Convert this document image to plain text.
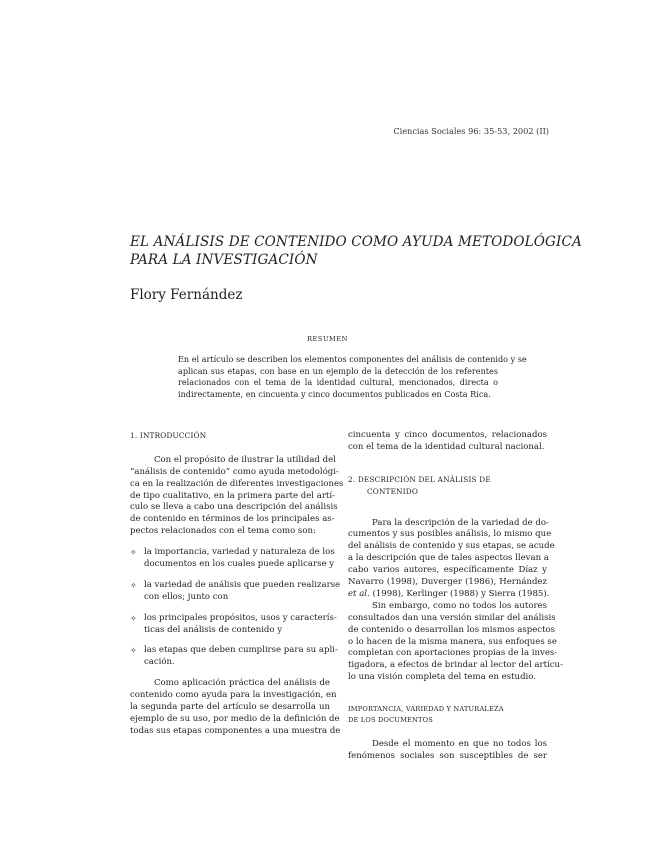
Ciencias Sociales 96: 35-53, 2002 (II)
EL ANÁLISIS DE CONTENIDO COMO AYUDA METODOLÓGICA
PARA LA INVESTIGACIÓN
Flory Fernández
RESUMEN
En el artículo se describen los elementos componentes del análisis de contenido y se
aplican sus etapas, con base en un ejemplo de la detección de los referentes
relacionados con el tema de la identidad cultural, mencionados, directa o
indirectamente, en cincuenta y cinco documentos publicados en Costa Rica.
1. INTRODUCCIÓN
Con el propósito de ilustrar la utilidad del
“análisis de contenido” como ayuda metodológi-
ca en la realización de diferentes investigaciones
de tipo cualitativo, en la primera parte del artí-
culo se lleva a cabo una descripción del análisis
de contenido en términos de los principales as-
pectos relacionados con el tema como son:
✧ la importancia, variedad y naturaleza de los
documentos en los cuales puede aplicarse y
✧ la variedad de análisis que pueden realizarse
con ellos; junto con
✧ los principales propósitos, usos y caracterís-
ticas del análisis de contenido y
✧ las etapas que deben cumplirse para su apli-
cación.
Como aplicación práctica del análisis de
contenido como ayuda para la investigación, en
la segunda parte del artículo se desarrolla un
ejemplo de su uso, por medio de la definición de
todas sus etapas componentes a una muestra de
cincuenta y cinco documentos, relacionados
con el tema de la identidad cultural nacional.
2. DESCRIPCIÓN DEL ANÁLISIS DE
CONTENIDO
Para la descripción de la variedad de do-
cumentos y sus posibles análisis, lo mismo que
del análisis de contenido y sus etapas, se acude
a la descripción que de tales aspectos llevan a
cabo varios autores, específicamente Díaz y
Navarro (1998), Duverger (1986), Hernández
et al. (1998), Kerlinger (1988) y Sierra (1985).
Sin embargo, como no todos los autores
consultados dan una versión similar del análisis
de contenido o desarrollan los mismos aspectos
o lo hacen de la misma manera, sus enfoques se
completan con aportaciones propias de la inves-
tigadora, a efectos de brindar al lector del artícu-
lo una visión completa del tema en estudio.
IMPORTANCIA, VARIEDAD Y NATURALEZA
DE LOS DOCUMENTOS
Desde el momento en que no todos los
fenómenos sociales son susceptibles de ser
